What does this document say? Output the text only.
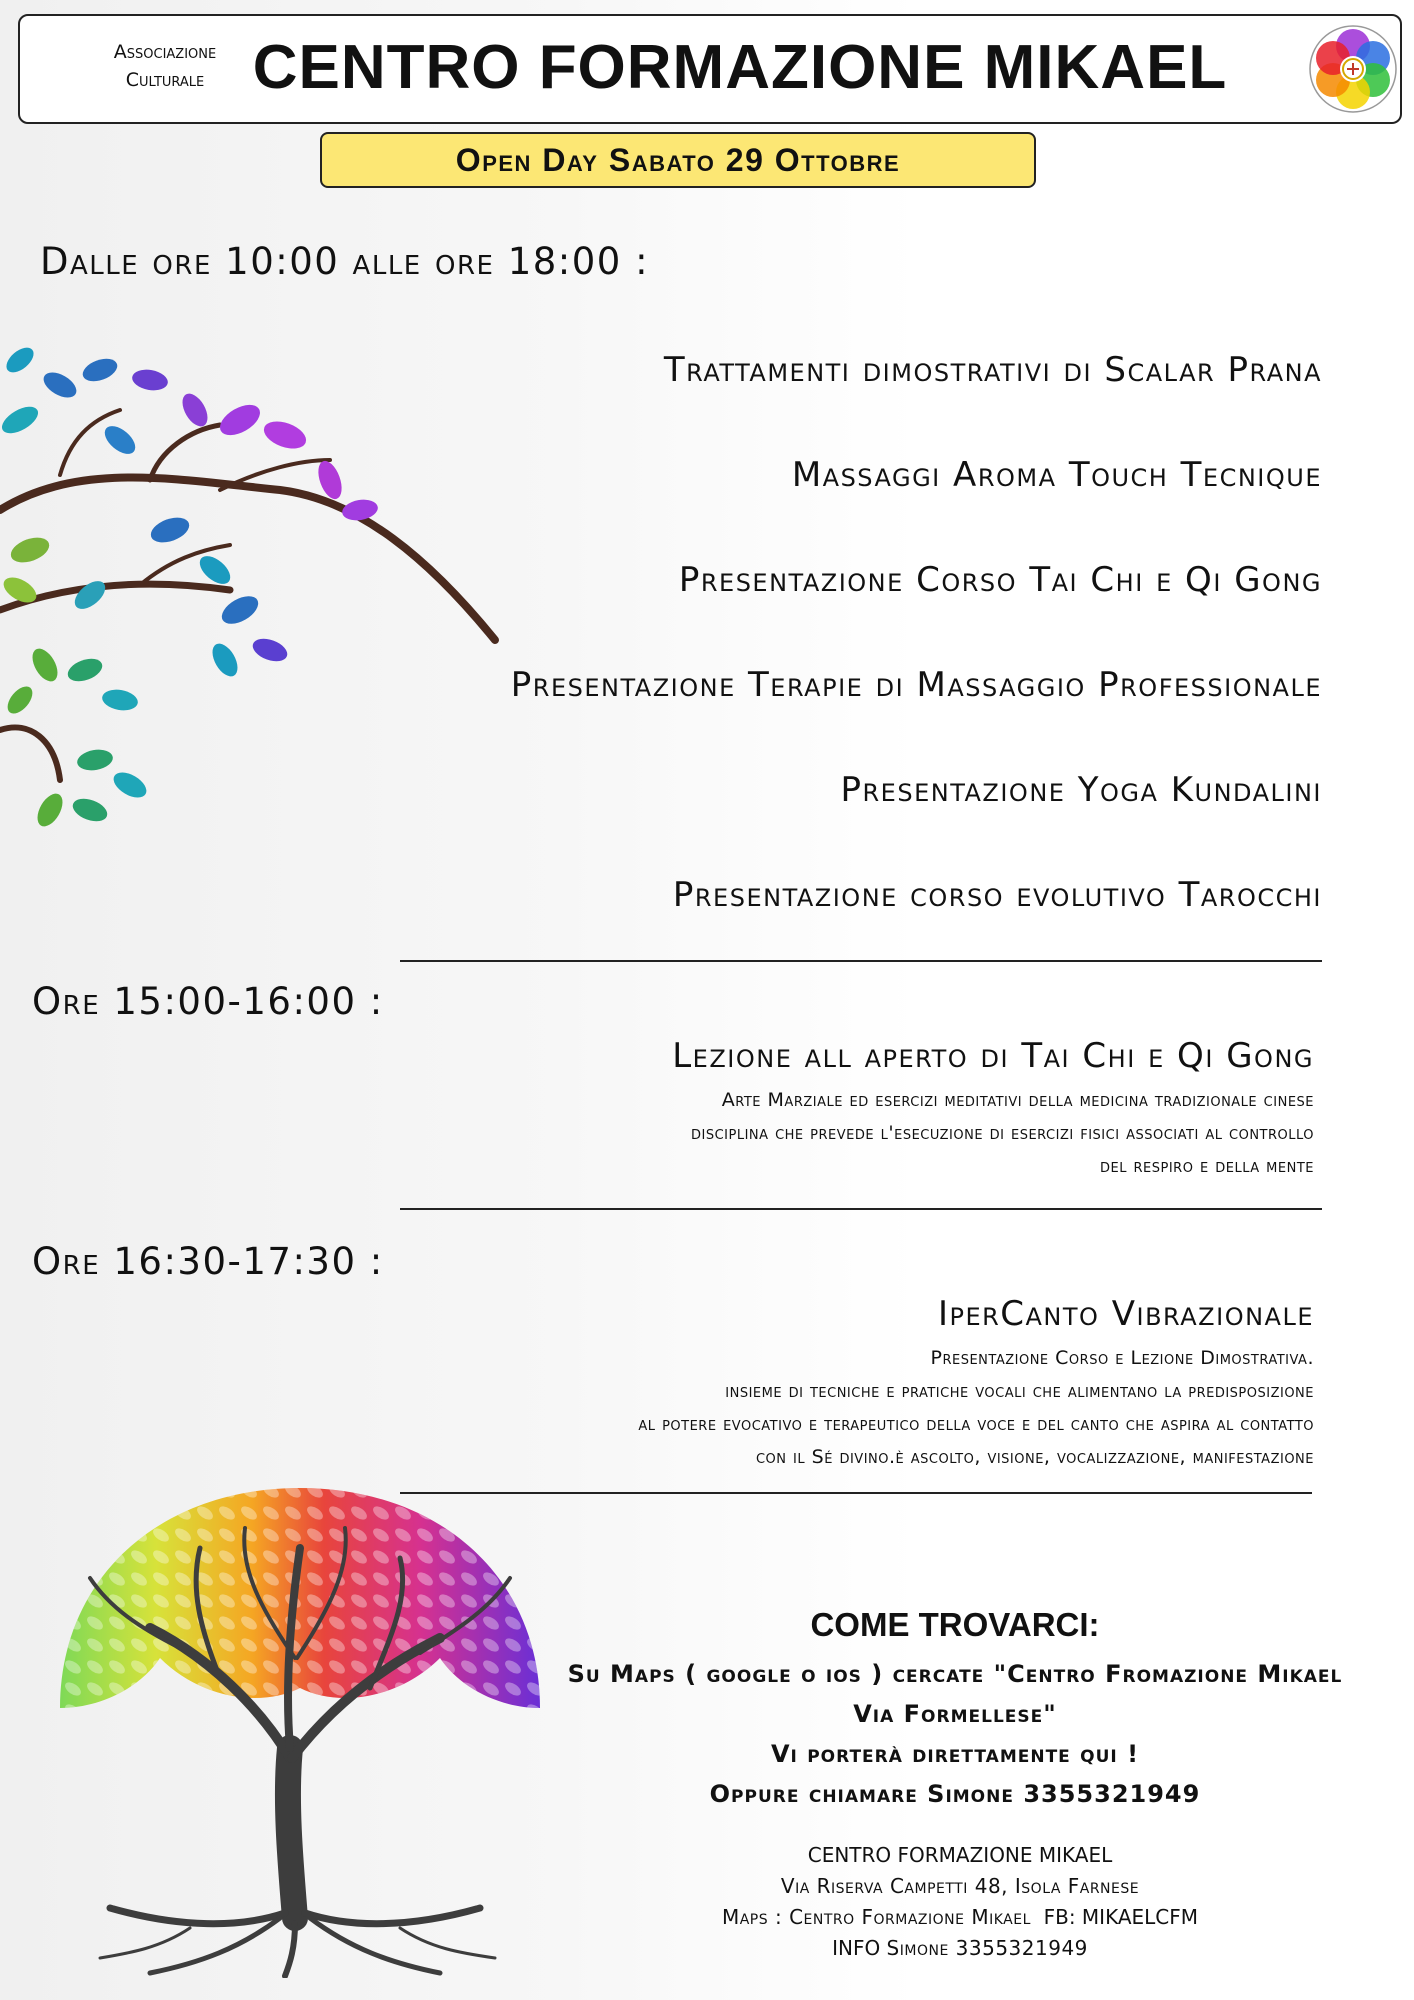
Associazione
Culturale CENTRO FORMAZIONE MIKAEL
Open Day Sabato 29 Ottobre
Dalle ore 10:00 alle ore 18:00 :
Trattamenti dimostrativi di Scalar Prana
Massaggi Aroma Touch Tecnique
Presentazione Corso Tai Chi e Qi Gong
Presentazione Terapie di Massaggio Professionale
Presentazione Yoga Kundalini
Presentazione corso evolutivo Tarocchi
Ore 15:00-16:00 :
Lezione all aperto di Tai Chi e Qi Gong
Arte Marziale ed esercizi meditativi della medicina tradizionale cinese
disciplina che prevede l'esecuzione di esercizi fisici associati al controllo
del respiro e della mente
Ore 16:30-17:30 :
IperCanto Vibrazionale
Presentazione Corso e Lezione Dimostrativa.
insieme di tecniche e pratiche vocali che alimentano la predisposizione
al potere evocativo e terapeutico della voce e del canto che aspira al contatto
con il Sé divino.è ascolto, visione, vocalizzazione, manifestazione
COME TROVARCI:
Su Maps ( google o ios ) cercate "Centro Fromazione Mikael
Via Formellese"
Vi porterà direttamente qui !
Oppure chiamare Simone 3355321949
CENTRO FORMAZIONE MIKAEL
Via Riserva Campetti 48, Isola Farnese
Maps : Centro Formazione Mikael FB: MIKAELCFM
INFO Simone 3355321949
